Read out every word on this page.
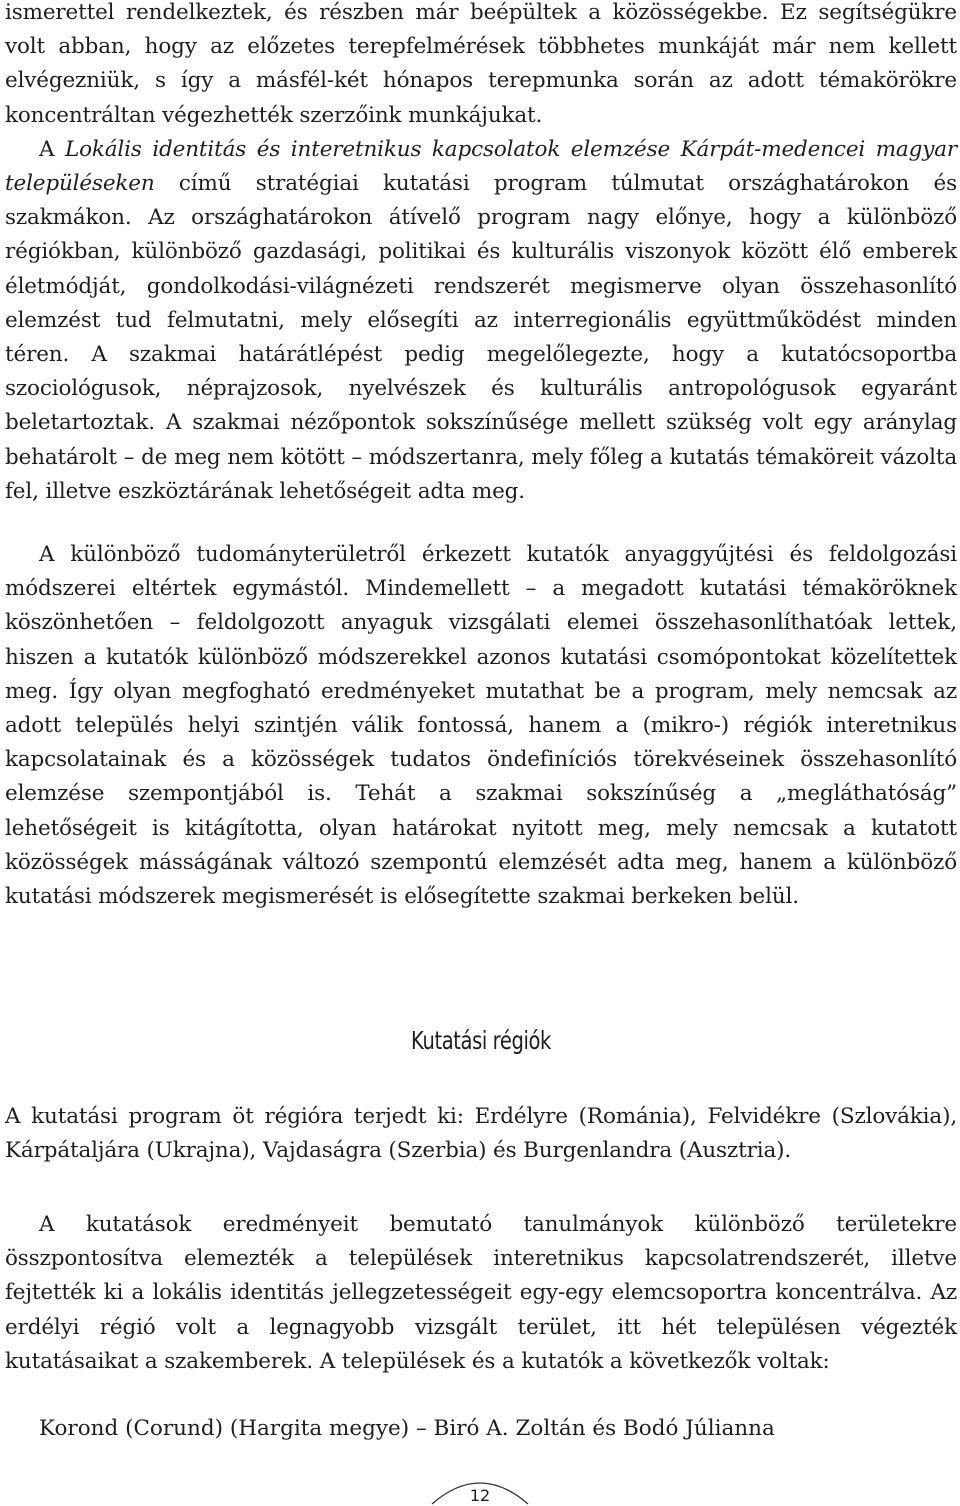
ismerettel rendelkeztek, és részben már beépültek a közösségekbe. Ez segítségükre volt abban, hogy az előzetes terepfelmérések többhetes munkáját már nem kellett elvégezniük, s így a másfél-két hónapos terepmunka során az adott témakörökre koncentráltan végezhették szerzőink munkájukat.
A Lokális identitás és interetnikus kapcsolatok elemzése Kárpát-medencei magyar településeken című stratégiai kutatási program túlmutat országhatárokon és szakmákon. Az országhatárokon átívelő program nagy előnye, hogy a különböző régiókban, különböző gazdasági, politikai és kulturális viszonyok között élő emberek életmódját, gondolkodási-világnézeti rendszerét megismerve olyan összehasonlító elemzést tud felmutatni, mely elősegíti az interregionális együttműködést minden téren. A szakmai határátlépést pedig megelőlegezte, hogy a kutatócsoportba szociológusok, néprajzosok, nyelvészek és kulturális antropológusok egyaránt beletartoztak. A szakmai nézőpontok sokszínűsége mellett szükség volt egy aránylag behatárolt – de meg nem kötött – módszertanra, mely főleg a kutatás témaköreit vázolta fel, illetve eszköztárának lehetőségeit adta meg.

A különböző tudományterületről érkezett kutatók anyaggyűjtési és feldolgozási módszerei eltértek egymástól. Mindemellett – a megadott kutatási témaköröknek köszönhetően – feldolgozott anyaguk vizsgálati elemei összehasonlíthatóak lettek, hiszen a kutatók különböző módszerekkel azonos kutatási csomópontokat közelítettek meg. Így olyan megfogható eredményeket mutathat be a program, mely nemcsak az adott település helyi szintjén válik fontossá, hanem a (mikro-) régiók interetnikus kapcsolatainak és a közösségek tudatos öndefiníciós törekvéseinek összehasonlító elemzése szempontjából is. Tehát a szakmai sokszínűség a „megláthatóság” lehetőségeit is kitágította, olyan határokat nyitott meg, mely nemcsak a kutatott közösségek másságának változó szempontú elemzését adta meg, hanem a különböző kutatási módszerek megismerését is elősegítette szakmai berkeken belül.

Kutatási régiók

A kutatási program öt régióra terjedt ki: Erdélyre (Románia), Felvidékre (Szlovákia), Kárpátaljára (Ukrajna), Vajdaságra (Szerbia) és Burgenlandra (Ausztria).

A kutatások eredményeit bemutató tanulmányok különböző területekre összpontosítva elemezték a települések interetnikus kapcsolatrendszerét, illetve fejtették ki a lokális identitás jellegzetességeit egy-egy elemcsoportra koncentrálva. Az erdélyi régió volt a legnagyobb vizsgált terület, itt hét településen végezték kutatásaikat a szakemberek. A települések és a kutatók a következők voltak:

Korond (Corund) (Hargita megye) – Biró A. Zoltán és Bodó Júlianna

12
